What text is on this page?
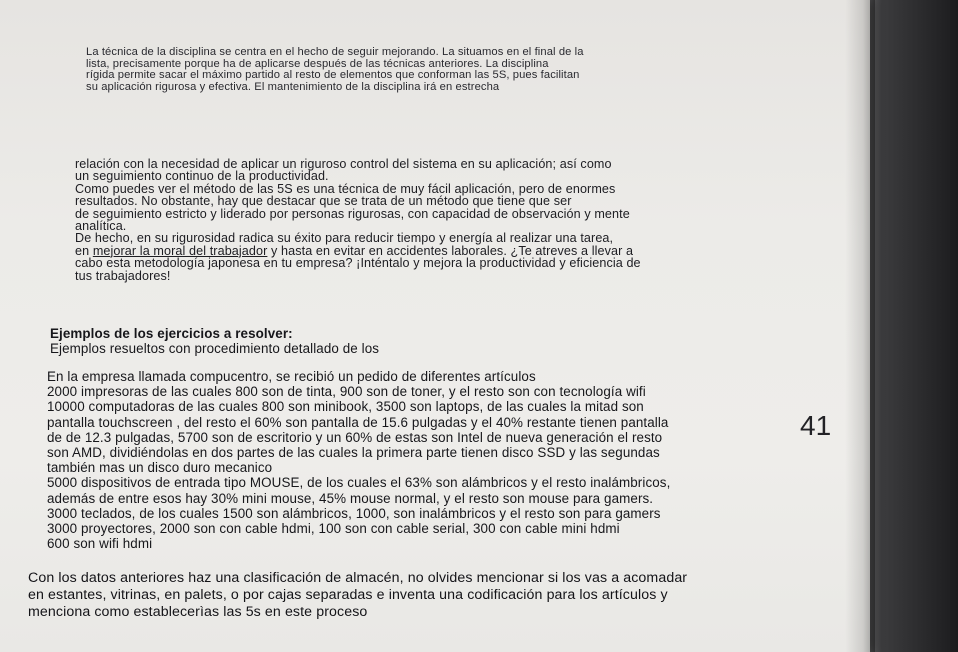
La técnica de la disciplina se centra en el hecho de seguir mejorando. La situamos en el final de la
lista, precisamente porque ha de aplicarse después de las técnicas anteriores. La disciplina
rígida permite sacar el máximo partido al resto de elementos que conforman las 5S, pues facilitan
su aplicación rigurosa y efectiva. El mantenimiento de la disciplina irá en estrecha
relación con la necesidad de aplicar un riguroso control del sistema en su aplicación; así como
un seguimiento continuo de la productividad.
Como puedes ver el método de las 5S es una técnica de muy fácil aplicación, pero de enormes
resultados. No obstante, hay que destacar que se trata de un método que tiene que ser
de seguimiento estricto y liderado por personas rigurosas, con capacidad de observación y mente
analítica.
De hecho, en su rigurosidad radica su éxito para reducir tiempo y energía al realizar una tarea,
en mejorar la moral del trabajador y hasta en evitar en accidentes laborales. ¿Te atreves a llevar a
cabo esta metodología japonesa en tu empresa? ¡Inténtalo y mejora la productividad y eficiencia de
tus trabajadores!
Ejemplos de los ejercicios a resolver:
Ejemplos resueltos con procedimiento detallado de los
En la empresa llamada compucentro, se recibió un pedido de diferentes artículos
2000 impresoras de las cuales 800 son de tinta, 900 son de toner, y el resto son con tecnología wifi
10000 computadoras de las cuales 800 son minibook, 3500 son laptops, de las cuales la mitad son
pantalla touchscreen , del resto el 60% son pantalla de 15.6 pulgadas y el 40% restante tienen pantalla
de de 12.3 pulgadas, 5700 son de escritorio y un 60% de estas son Intel de nueva generación el resto
son AMD, dividiéndolas en dos partes de las cuales la primera parte tienen disco SSD y las segundas
también mas un disco duro mecanico
5000 dispositivos de entrada tipo MOUSE, de los cuales el 63% son alámbricos y el resto inalámbricos,
además de entre esos hay 30% mini mouse, 45% mouse normal, y el resto son mouse para gamers.
3000 teclados, de los cuales 1500 son alámbricos, 1000, son inalámbricos y el resto son para gamers
3000 proyectores, 2000 son con cable hdmi, 100 son con cable serial, 300 con cable mini hdmi
600 son wifi hdmi
Con los datos anteriores haz una clasificación de almacén, no olvides mencionar si los vas a acomadar
en estantes, vitrinas, en palets, o por cajas separadas e inventa una codificación para los artículos y
menciona como establecerìas las 5s en este proceso
41
